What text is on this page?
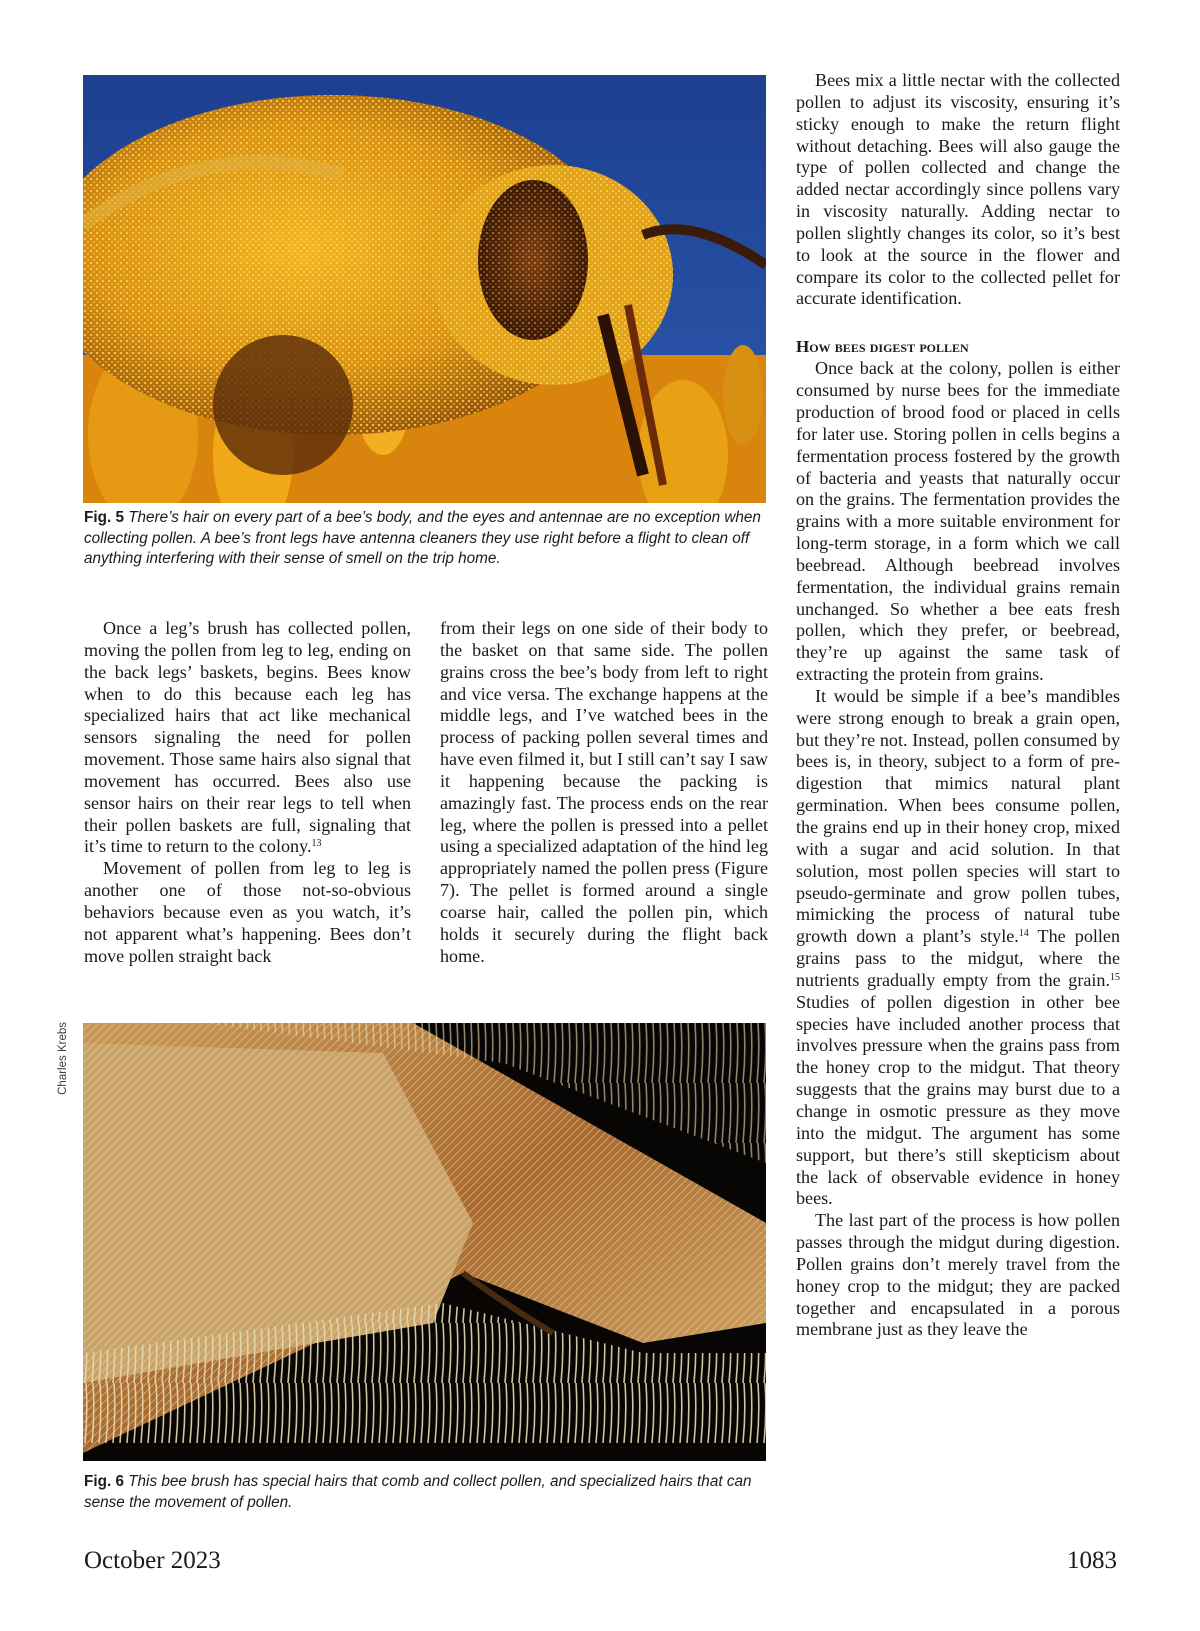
Fig. 5 There’s hair on every part of a bee’s body, and the eyes and antennae are no exception when collecting pollen. A bee’s front legs have antenna cleaners they use right before a flight to clean off anything interfering with their sense of smell on the trip home.

Once a leg’s brush has collected pollen, moving the pollen from leg to leg, ending on the back legs’ baskets, begins. Bees know when to do this because each leg has specialized hairs that act like mechanical sensors signaling the need for pollen movement. Those same hairs also signal that movement has occurred. Bees also use sensor hairs on their rear legs to tell when their pollen baskets are full, signaling that it’s time to return to the colony.$^{13}$

Movement of pollen from leg to leg is another one of those not-so-obvious behaviors because even as you watch, it’s not apparent what’s happening. Bees don’t move pollen straight back

from their legs on one side of their body to the basket on that same side. The pollen grains cross the bee’s body from left to right and vice versa. The exchange happens at the middle legs, and I’ve watched bees in the process of packing pollen several times and have even filmed it, but I still can’t say I saw it happening because the packing is amazingly fast. The process ends on the rear leg, where the pollen is pressed into a pellet using a specialized adaptation of the hind leg appropriately named the pollen press (Figure 7). The pellet is formed around a single coarse hair, called the pollen pin, which holds it securely during the flight back home.

Bees mix a little nectar with the collected pollen to adjust its viscosity, ensuring it’s sticky enough to make the return flight without detaching. Bees will also gauge the type of pollen collected and change the added nectar accordingly since pollens vary in viscosity naturally. Adding nectar to pollen slightly changes its color, so it’s best to look at the source in the flower and compare its color to the collected pellet for accurate identification.

How bees digest pollen

Once back at the colony, pollen is either consumed by nurse bees for the immediate production of brood food or placed in cells for later use. Storing pollen in cells begins a fermentation process fostered by the growth of bacteria and yeasts that naturally occur on the grains. The fermentation provides the grains with a more suitable environment for long-term storage, in a form which we call beebread. Although beebread involves fermentation, the individual grains remain unchanged. So whether a bee eats fresh pollen, which they prefer, or beebread, they’re up against the same task of extracting the protein from grains.

It would be simple if a bee’s mandibles were strong enough to break a grain open, but they’re not. Instead, pollen consumed by bees is, in theory, subject to a form of pre-digestion that mimics natural plant germination. When bees consume pollen, the grains end up in their honey crop, mixed with a sugar and acid solution. In that solution, most pollen species will start to pseudo-germinate and grow pollen tubes, mimicking the process of natural tube growth down a plant’s style.$^{14}$ The pollen grains pass to the midgut, where the nutrients gradually empty from the grain.$^{15}$ Studies of pollen digestion in other bee species have included another process that involves pressure when the grains pass from the honey crop to the midgut. That theory suggests that the grains may burst due to a change in osmotic pressure as they move into the midgut. The argument has some support, but there’s still skepticism about the lack of observable evidence in honey bees.

The last part of the process is how pollen passes through the midgut during digestion. Pollen grains don’t merely travel from the honey crop to the midgut; they are packed together and encapsulated in a porous membrane just as they leave the

Charles Krebs
Fig. 6 This bee brush has special hairs that comb and collect pollen, and specialized hairs that can sense the movement of pollen.
October 2023	1083
